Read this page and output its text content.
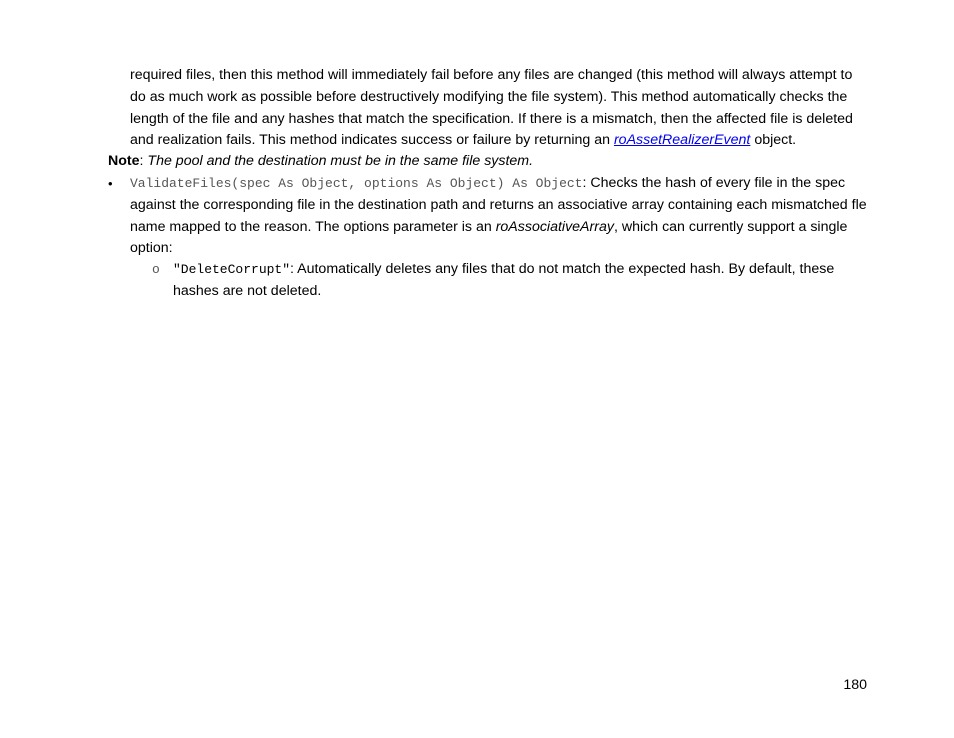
required files, then this method will immediately fail before any files are changed (this method will always attempt to do as much work as possible before destructively modifying the file system). This method automatically checks the length of the file and any hashes that match the specification. If there is a mismatch, then the affected file is deleted and realization fails. This method indicates success or failure by returning an roAssetRealizerEvent object.

Note: The pool and the destination must be in the same file system.

•	ValidateFiles(spec As Object, options As Object) As Object: Checks the hash of every file in the spec against the corresponding file in the destination path and returns an associative array containing each mismatched fle name mapped to the reason. The options parameter is an roAssociativeArray, which can currently support a single option:
o	"DeleteCorrupt": Automatically deletes any files that do not match the expected hash. By default, these hashes are not deleted.
180
